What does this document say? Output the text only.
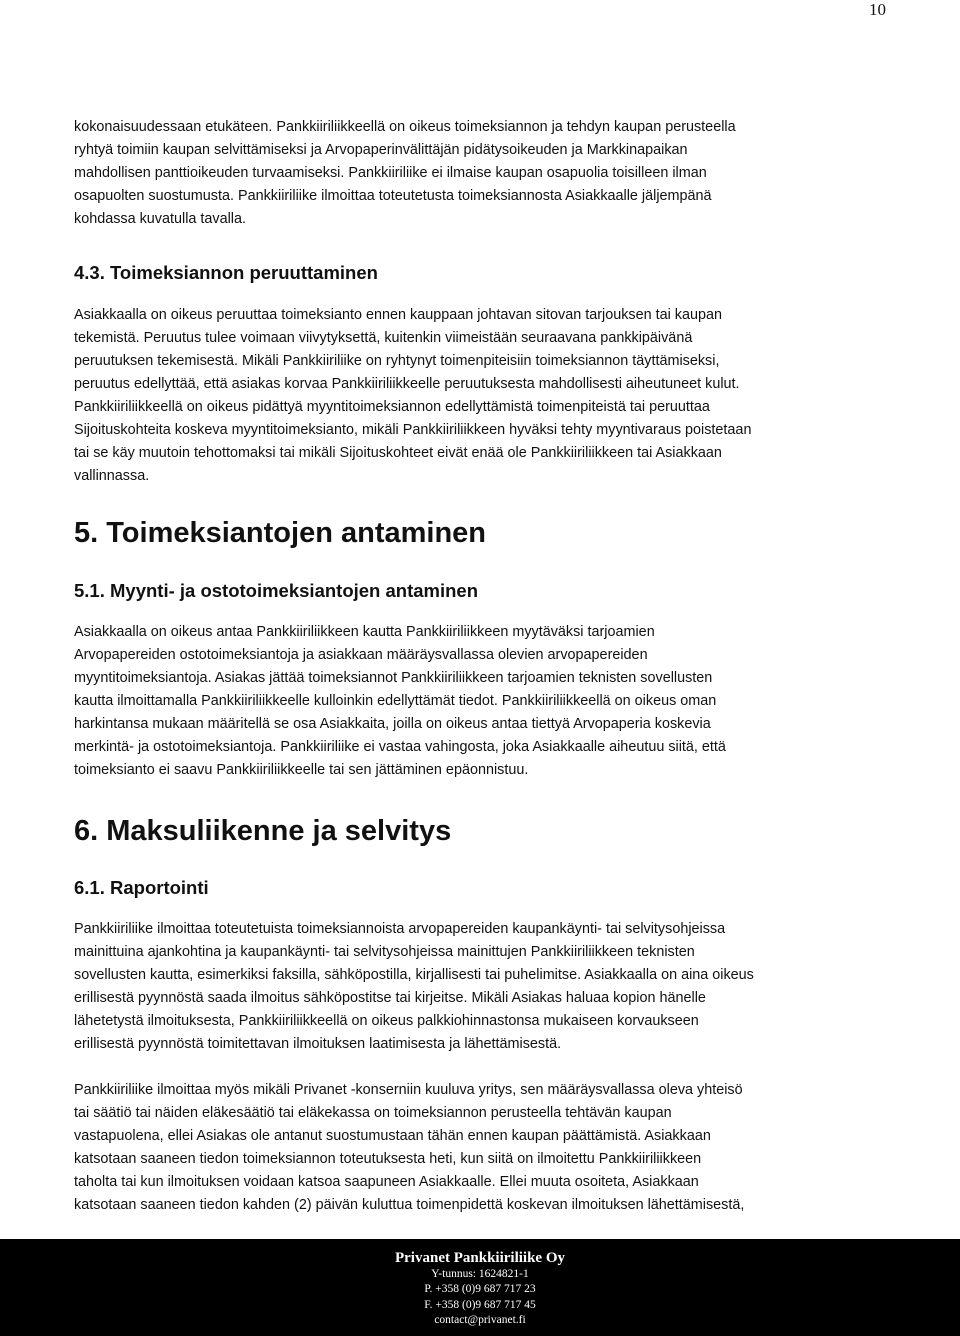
10

kokonaisuudessaan etukäteen. Pankkiiriliikkeellä on oikeus toimeksiannon ja tehdyn kaupan perusteella
ryhtyä toimiin kaupan selvittämiseksi ja Arvopaperinvälittäjän pidätysoikeuden ja Markkinapaikan
mahdollisen panttioikeuden turvaamiseksi. Pankkiiriliike ei ilmaise kaupan osapuolia toisilleen ilman
osapuolten suostumusta. Pankkiiriliike ilmoittaa toteutetusta toimeksiannosta Asiakkaalle jäljempänä
kohdassa kuvatulla tavalla.

4.3. Toimeksiannon peruuttaminen

Asiakkaalla on oikeus peruuttaa toimeksianto ennen kauppaan johtavan sitovan tarjouksen tai kaupan
tekemistä. Peruutus tulee voimaan viivytyksettä, kuitenkin viimeistään seuraavana pankkipäivänä
peruutuksen tekemisestä. Mikäli Pankkiiriliike on ryhtynyt toimenpiteisiin toimeksiannon täyttämiseksi,
peruutus edellyttää, että asiakas korvaa Pankkiiriliikkeelle peruutuksesta mahdollisesti aiheutuneet kulut.
Pankkiiriliikkeellä on oikeus pidättyä myyntitoimeksiannon edellyttämistä toimenpiteistä tai peruuttaa
Sijoituskohteita koskeva myyntitoimeksianto, mikäli Pankkiiriliikkeen hyväksi tehty myyntivaraus poistetaan
tai se käy muutoin tehottomaksi tai mikäli Sijoituskohteet eivät enää ole Pankkiiriliikkeen tai Asiakkaan
vallinnassa.

5. Toimeksiantojen antaminen
5.1. Myynti- ja ostotoimeksiantojen antaminen

Asiakkaalla on oikeus antaa Pankkiiriliikkeen kautta Pankkiiriliikkeen myytäväksi tarjoamien
Arvopapereiden ostotoimeksiantoja ja asiakkaan määräysvallassa olevien arvopapereiden
myyntitoimeksiantoja. Asiakas jättää toimeksiannot Pankkiiriliikkeen tarjoamien teknisten sovellusten
kautta ilmoittamalla Pankkiiriliikkeelle kulloinkin edellyttämät tiedot. Pankkiiriliikkeellä on oikeus oman
harkintansa mukaan määritellä se osa Asiakkaita, joilla on oikeus antaa tiettyä Arvopaperia koskevia
merkintä- ja ostotoimeksiantoja. Pankkiiriliike ei vastaa vahingosta, joka Asiakkaalle aiheutuu siitä, että
toimeksianto ei saavu Pankkiiriliikkeelle tai sen jättäminen epäonnistuu.

6. Maksuliikenne ja selvitys
6.1. Raportointi

Pankkiiriliike ilmoittaa toteutetuista toimeksiannoista arvopapereiden kaupankäynti- tai selvitysohjeissa
mainittuina ajankohtina ja kaupankäynti- tai selvitysohjeissa mainittujen Pankkiiriliikkeen teknisten
sovellusten kautta, esimerkiksi faksilla, sähköpostilla, kirjallisesti tai puhelimitse. Asiakkaalla on aina oikeus
erillisestä pyynnöstä saada ilmoitus sähköpostitse tai kirjeitse. Mikäli Asiakas haluaa kopion hänelle
lähetetystä ilmoituksesta, Pankkiiriliikkeellä on oikeus palkkiohinnastonsa mukaiseen korvaukseen
erillisestä pyynnöstä toimitettavan ilmoituksen laatimisesta ja lähettämisestä.

Pankkiiriliike ilmoittaa myös mikäli Privanet -konserniin kuuluva yritys, sen määräysvallassa oleva yhteisö
tai säätiö tai näiden eläkesäätiö tai eläkekassa on toimeksiannon perusteella tehtävän kaupan
vastapuolena, ellei Asiakas ole antanut suostumustaan tähän ennen kaupan päättämistä. Asiakkaan
katsotaan saaneen tiedon toimeksiannon toteutuksesta heti, kun siitä on ilmoitettu Pankkiiriliikkeen
taholta tai kun ilmoituksen voidaan katsoa saapuneen Asiakkaalle. Ellei muuta osoiteta, Asiakkaan
katsotaan saaneen tiedon kahden (2) päivän kuluttua toimenpidettä koskevan ilmoituksen lähettämisestä,

Privanet Pankkiiriliike Oy
Y-tunnus: 1624821-1
P. +358 (0)9 687 717 23
F. +358 (0)9 687 717 45
contact@privanet.fi
